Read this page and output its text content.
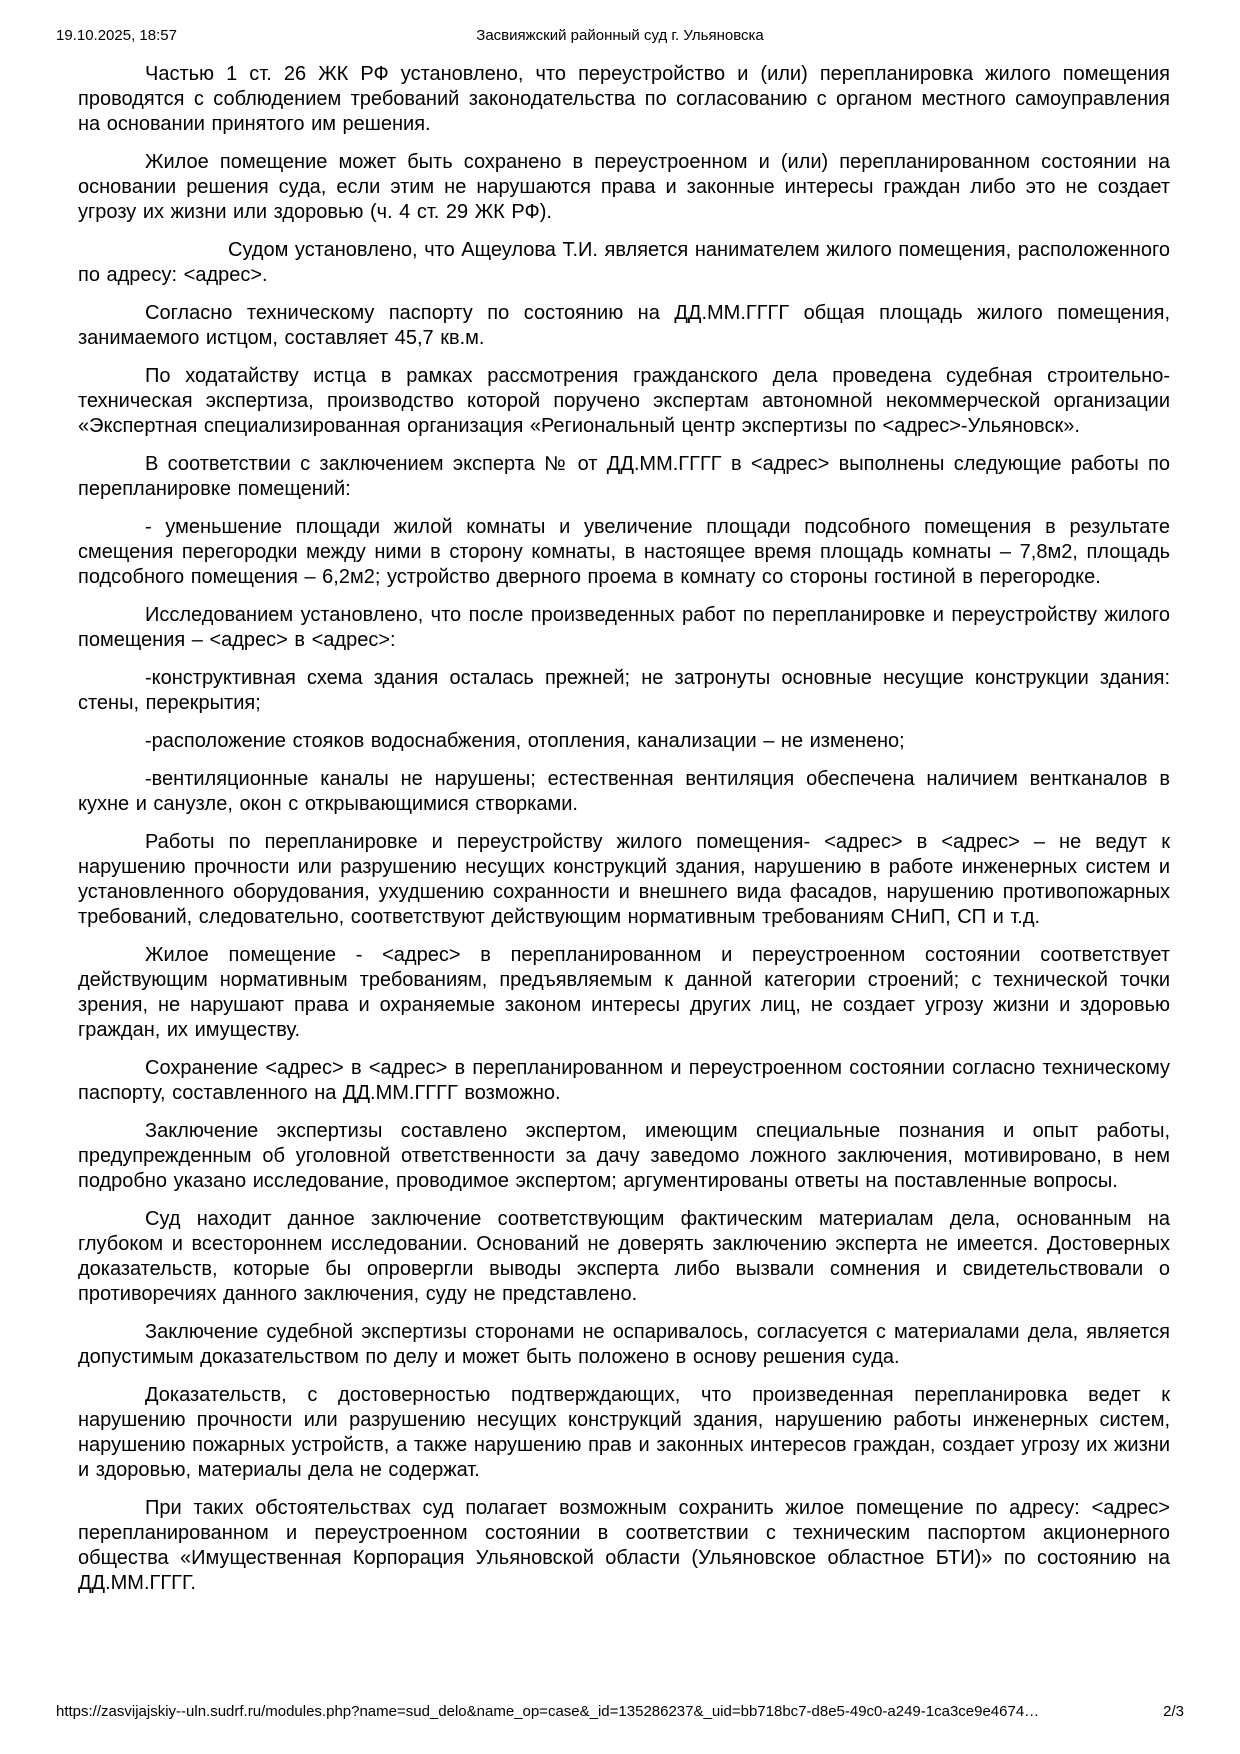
19.10.2025, 18:57	Засвияжский районный суд г. Ульяновска

Частью 1 ст. 26 ЖК РФ установлено, что переустройство и (или) перепланировка жилого помещения проводятся с соблюдением требований законодательства по согласованию с органом местного самоуправления на основании принятого им решения.

Жилое помещение может быть сохранено в переустроенном и (или) перепланированном состоянии на основании решения суда, если этим не нарушаются права и законные интересы граждан либо это не создает угрозу их жизни или здоровью (ч. 4 ст. 29 ЖК РФ).

Судом установлено, что Ащеулова Т.И. является нанимателем жилого помещения, расположенного по адресу: <адрес>.

Согласно техническому паспорту по состоянию на ДД.ММ.ГГГГ общая площадь жилого помещения, занимаемого истцом, составляет 45,7 кв.м.

По ходатайству истца в рамках рассмотрения гражданского дела проведена судебная строительно-техническая экспертиза, производство которой поручено экспертам автономной некоммерческой организации «Экспертная специализированная организация «Региональный центр экспертизы по <адрес>-Ульяновск».

В соответствии с заключением эксперта № от ДД.ММ.ГГГГ в <адрес> выполнены следующие работы по перепланировке помещений:

- уменьшение площади жилой комнаты и увеличение площади подсобного помещения в результате смещения перегородки между ними в сторону комнаты, в настоящее время площадь комнаты – 7,8м2, площадь подсобного помещения – 6,2м2; устройство дверного проема в комнату со стороны гостиной в перегородке.

Исследованием установлено, что после произведенных работ по перепланировке и переустройству жилого помещения – <адрес> в <адрес>:

-конструктивная схема здания осталась прежней; не затронуты основные несущие конструкции здания: стены, перекрытия;

-расположение стояков водоснабжения, отопления, канализации – не изменено;

-вентиляционные каналы не нарушены; естественная вентиляция обеспечена наличием вентканалов в кухне и санузле, окон с открывающимися створками.

Работы по перепланировке и переустройству жилого помещения- <адрес> в <адрес> – не ведут к нарушению прочности или разрушению несущих конструкций здания, нарушению в работе инженерных систем и установленного оборудования, ухудшению сохранности и внешнего вида фасадов, нарушению противопожарных требований, следовательно, соответствуют действующим нормативным требованиям СНиП, СП и т.д.

Жилое помещение - <адрес> в перепланированном и переустроенном состоянии соответствует действующим нормативным требованиям, предъявляемым к данной категории строений; с технической точки зрения, не нарушают права и охраняемые законом интересы других лиц, не создает угрозу жизни и здоровью граждан, их имуществу.

Сохранение <адрес> в <адрес> в перепланированном и переустроенном состоянии согласно техническому паспорту, составленного на ДД.ММ.ГГГГ возможно.

Заключение экспертизы составлено экспертом, имеющим специальные познания и опыт работы, предупрежденным об уголовной ответственности за дачу заведомо ложного заключения, мотивировано, в нем подробно указано исследование, проводимое экспертом; аргументированы ответы на поставленные вопросы.

Суд находит данное заключение соответствующим фактическим материалам дела, основанным на глубоком и всестороннем исследовании. Оснований не доверять заключению эксперта не имеется. Достоверных доказательств, которые бы опровергли выводы эксперта либо вызвали сомнения и свидетельствовали о противоречиях данного заключения, суду не представлено.

Заключение судебной экспертизы сторонами не оспаривалось, согласуется с материалами дела, является допустимым доказательством по делу и может быть положено в основу решения суда.

Доказательств, с достоверностью подтверждающих, что произведенная перепланировка ведет к нарушению прочности или разрушению несущих конструкций здания, нарушению работы инженерных систем, нарушению пожарных устройств, а также нарушению прав и законных интересов граждан, создает угрозу их жизни и здоровью, материалы дела не содержат.

При таких обстоятельствах суд полагает возможным сохранить жилое помещение по адресу: <адрес> перепланированном и переустроенном состоянии в соответствии с техническим паспортом акционерного общества «Имущественная Корпорация Ульяновской области (Ульяновское областное БТИ)» по состоянию на ДД.ММ.ГГГГ.

https://zasvijajskiy--uln.sudrf.ru/modules.php?name=sud_delo&name_op=case&_id=135286237&_uid=bb718bc7-d8e5-49c0-a249-1ca3ce9e4674…	2/3
